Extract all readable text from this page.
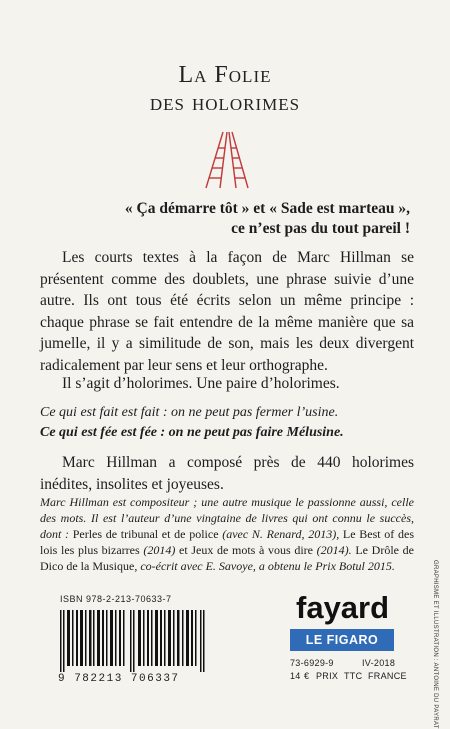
La Folie
des holorimes
« Ça démarre tôt » et « Sade est marteau »,
ce n’est pas du tout pareil !
Les courts textes à la façon de Marc Hillman se présentent comme des doublets, une phrase suivie d’une autre. Ils ont tous été écrits selon un même principe : chaque phrase se fait entendre de la même manière que sa jumelle, il y a similitude de son, mais les deux divergent radicalement par leur sens et leur orthographe.
Il s’agit d’holorimes. Une paire d’holorimes.
Ce qui est fait est fait : on ne peut pas fermer l’usine.
Ce qui est fée est fée : on ne peut pas faire Mélusine.
Marc Hillman a composé près de 440 holorimes inédites, insolites et joyeuses.
Marc Hillman est compositeur ; une autre musique le passionne aussi, celle des mots. Il est l’auteur d’une vingtaine de livres qui ont connu le succès, dont : Perles de tribunal et de police (avec N. Renard, 2013), Le Best of des lois les plus bizarres (2014) et Jeux de mots à vous dire (2014). Le Drôle de Dico de la Musique, co-écrit avec E. Savoye, a obtenu le Prix Botul 2015.
ISBN 978-2-213-70633-7
9 782213 706337
fayard
LE FIGARO
73-6929-9	IV-2018
14 € PRIX TTC FRANCE	GRAPHISME ET ILLUSTRATION : ANTOINE DU PAYRAT
